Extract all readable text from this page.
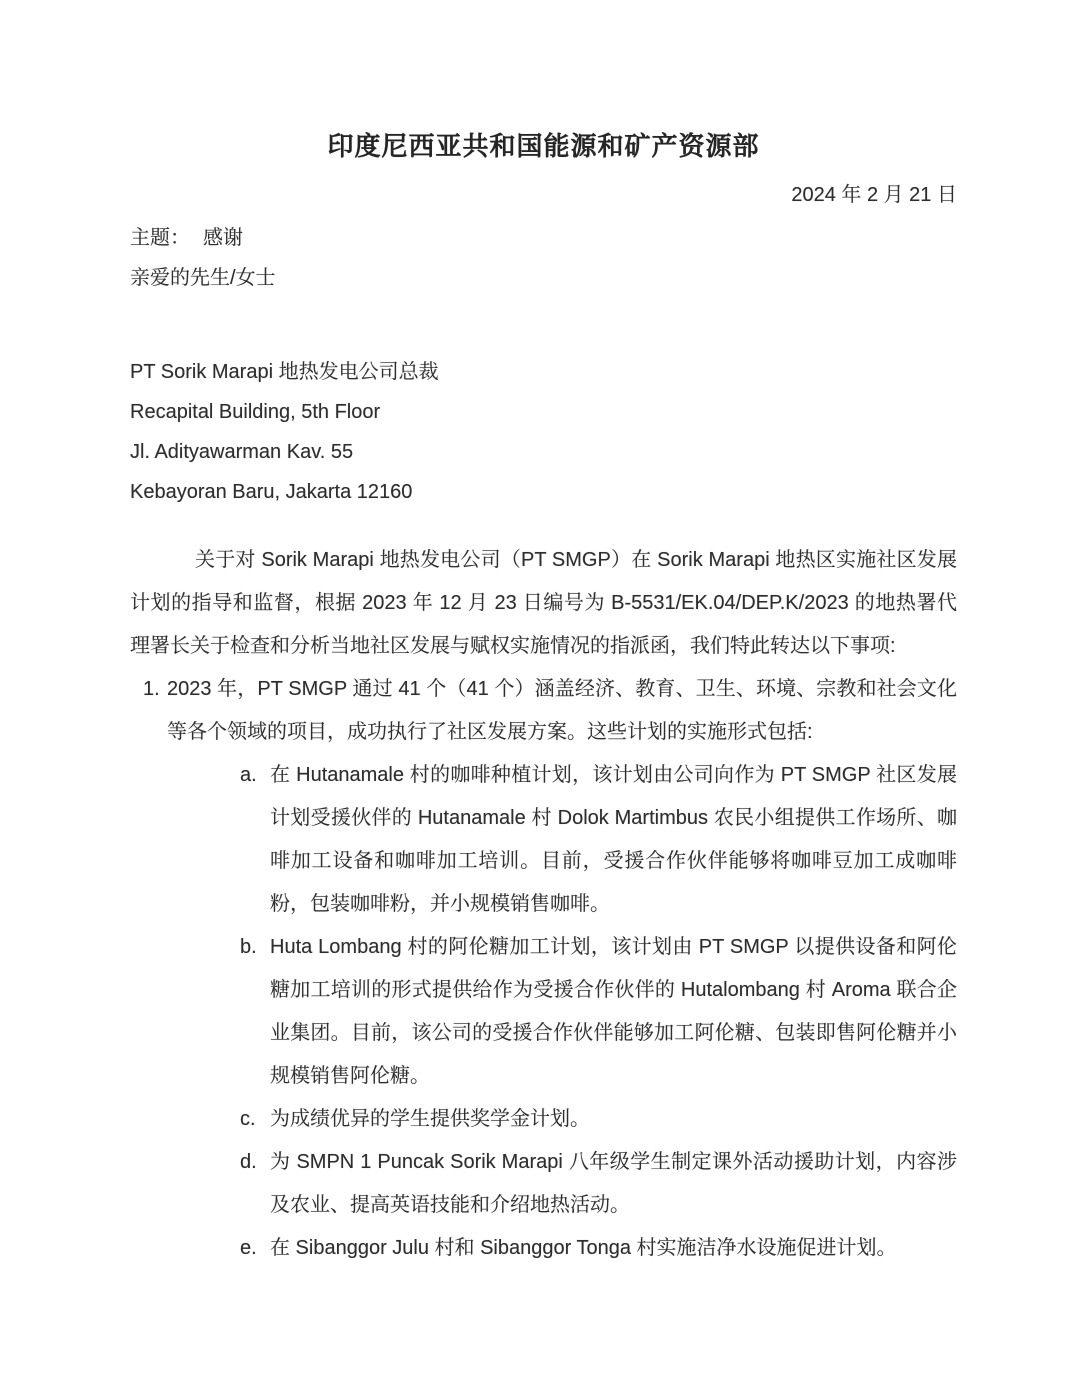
印度尼西亚共和国能源和矿产资源部
2024 年 2 月 21 日
主题： 感谢
亲爱的先生/女士
PT Sorik Marapi 地热发电公司总裁
Recapital Building, 5th Floor
Jl. Adityawarman Kav. 55
Kebayoran Baru, Jakarta 12160

关于对 Sorik Marapi 地热发电公司（PT SMGP）在 Sorik Marapi 地热区实施社区发展计划的指导和监督，根据 2023 年 12 月 23 日编号为 B-5531/EK.04/DEP.K/2023 的地热署代理署长关于检查和分析当地社区发展与赋权实施情况的指派函，我们特此转达以下事项:

1. 2023 年，PT SMGP 通过 41 个（41 个）涵盖经济、教育、卫生、环境、宗教和社会文化等各个领域的项目，成功执行了社区发展方案。这些计划的实施形式包括:
a. 在 Hutanamale 村的咖啡种植计划，该计划由公司向作为 PT SMGP 社区发展计划受援伙伴的 Hutanamale 村 Dolok Martimbus 农民小组提供工作场所、咖啡加工设备和咖啡加工培训。目前，受援合作伙伴能够将咖啡豆加工成咖啡粉，包装咖啡粉，并小规模销售咖啡。
b. Huta Lombang 村的阿伦糖加工计划，该计划由 PT SMGP 以提供设备和阿伦糖加工培训的形式提供给作为受援合作伙伴的 Hutalombang 村 Aroma 联合企业集团。目前，该公司的受援合作伙伴能够加工阿伦糖、包装即售阿伦糖并小规模销售阿伦糖。
c. 为成绩优异的学生提供奖学金计划。
d. 为 SMPN 1 Puncak Sorik Marapi 八年级学生制定课外活动援助计划，内容涉及农业、提高英语技能和介绍地热活动。
e. 在 Sibanggor Julu 村和 Sibanggor Tonga 村实施洁净水设施促进计划。
